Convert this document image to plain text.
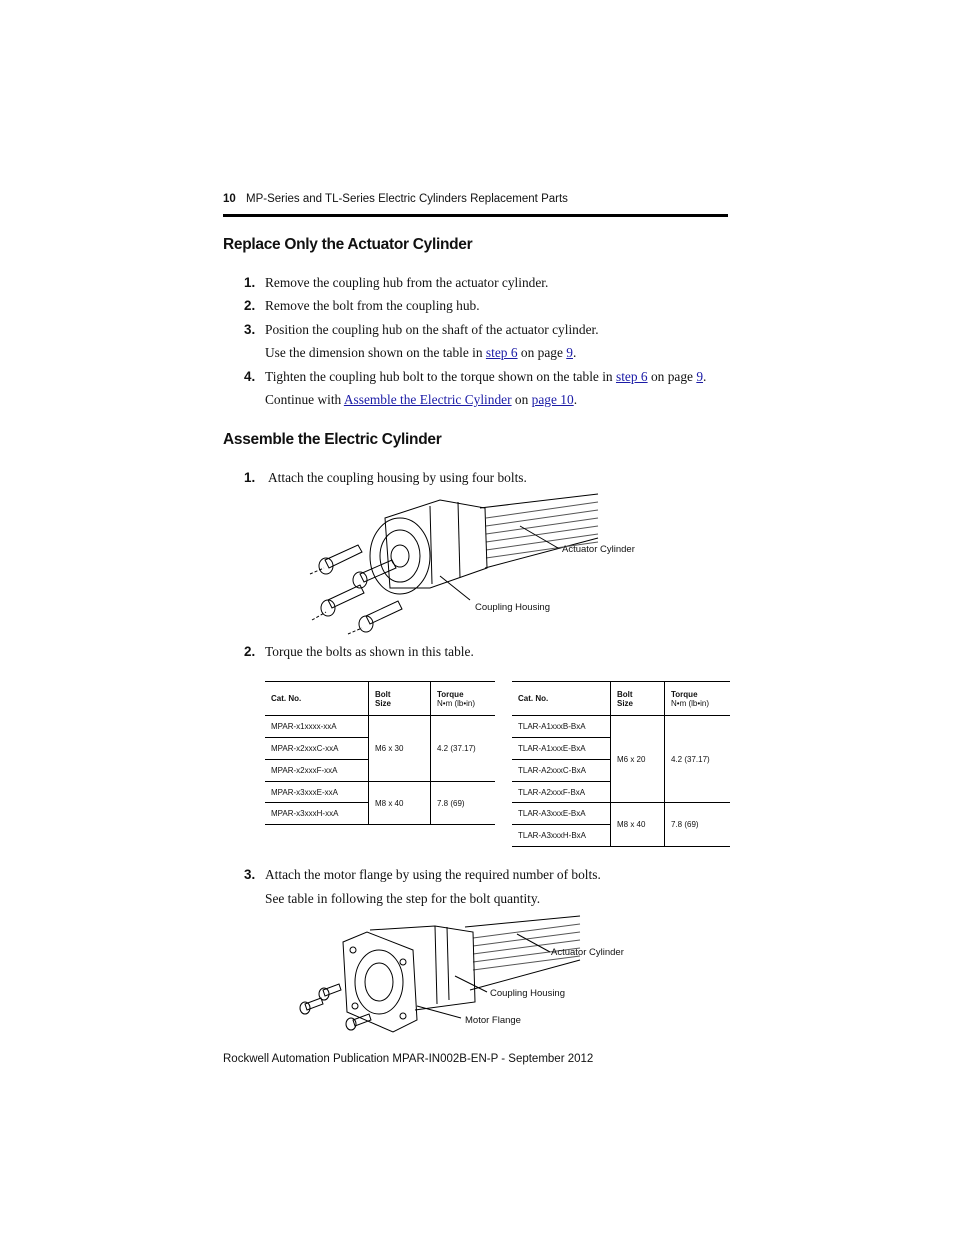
10 MP-Series and TL-Series Electric Cylinders Replacement Parts
Replace Only the Actuator Cylinder
1. Remove the coupling hub from the actuator cylinder.
2. Remove the bolt from the coupling hub.
3. Position the coupling hub on the shaft of the actuator cylinder.
Use the dimension shown on the table in step 6 on page 9.
4. Tighten the coupling hub bolt to the torque shown on the table in step 6 on page 9.
Continue with Assemble the Electric Cylinder on page 10.
Assemble the Electric Cylinder
1. Attach the coupling housing by using four bolts.
Actuator Cylinder
Coupling Housing
2. Torque the bolts as shown in this table.
Cat. No.	Bolt
Size	Torque
N•m (lb•in)

MPAR-x1xxxx-xxA	M6 x 30	4.2 (37.17)
MPAR-x2xxxC-xxA		
MPAR-x2xxxF-xxA		
MPAR-x3xxxE-xxA	M8 x 40	7.8 (69)
MPAR-x3xxxH-xxA		
Cat. No.	Bolt
Size	Torque
N•m (lb•in)

TLAR-A1xxxB-BxA	M6 x 20	4.2 (37.17)
TLAR-A1xxxE-BxA		
TLAR-A2xxxC-BxA		
TLAR-A2xxxF-BxA		
TLAR-A3xxxE-BxA	M8 x 40	7.8 (69)
TLAR-A3xxxH-BxA		
3. Attach the motor flange by using the required number of bolts.
See table in following the step for the bolt quantity.
Actuator Cylinder
Coupling Housing
Motor Flange
Rockwell Automation Publication MPAR-IN002B-EN-P - September 2012
